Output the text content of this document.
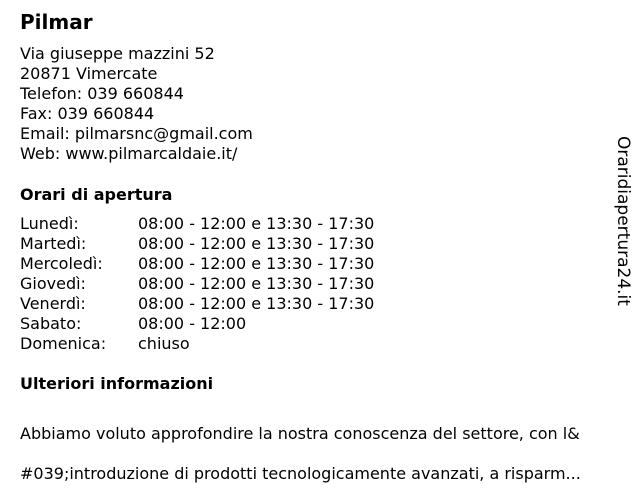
Pilmar
Via giuseppe mazzini 52
20871 Vimercate
Telefon: 039 660844
Fax: 039 660844
Email: pilmarsnc@gmail.com
Web: www.pilmarcaldaie.it/
Orari di apertura
Lunedì:	08:00 - 12:00 e 13:30 - 17:30
Martedì:	08:00 - 12:00 e 13:30 - 17:30
Mercoledì:	08:00 - 12:00 e 13:30 - 17:30
Giovedì:	08:00 - 12:00 e 13:30 - 17:30
Venerdì:	08:00 - 12:00 e 13:30 - 17:30
Sabato:	08:00 - 12:00
Domenica:	chiuso
Ulteriori informazioni

Abbiamo voluto approfondire la nostra conoscenza del settore, con l&

#039;introduzione di prodotti tecnologicamente avanzati, a risparm...

Oraridiapertura24.it
